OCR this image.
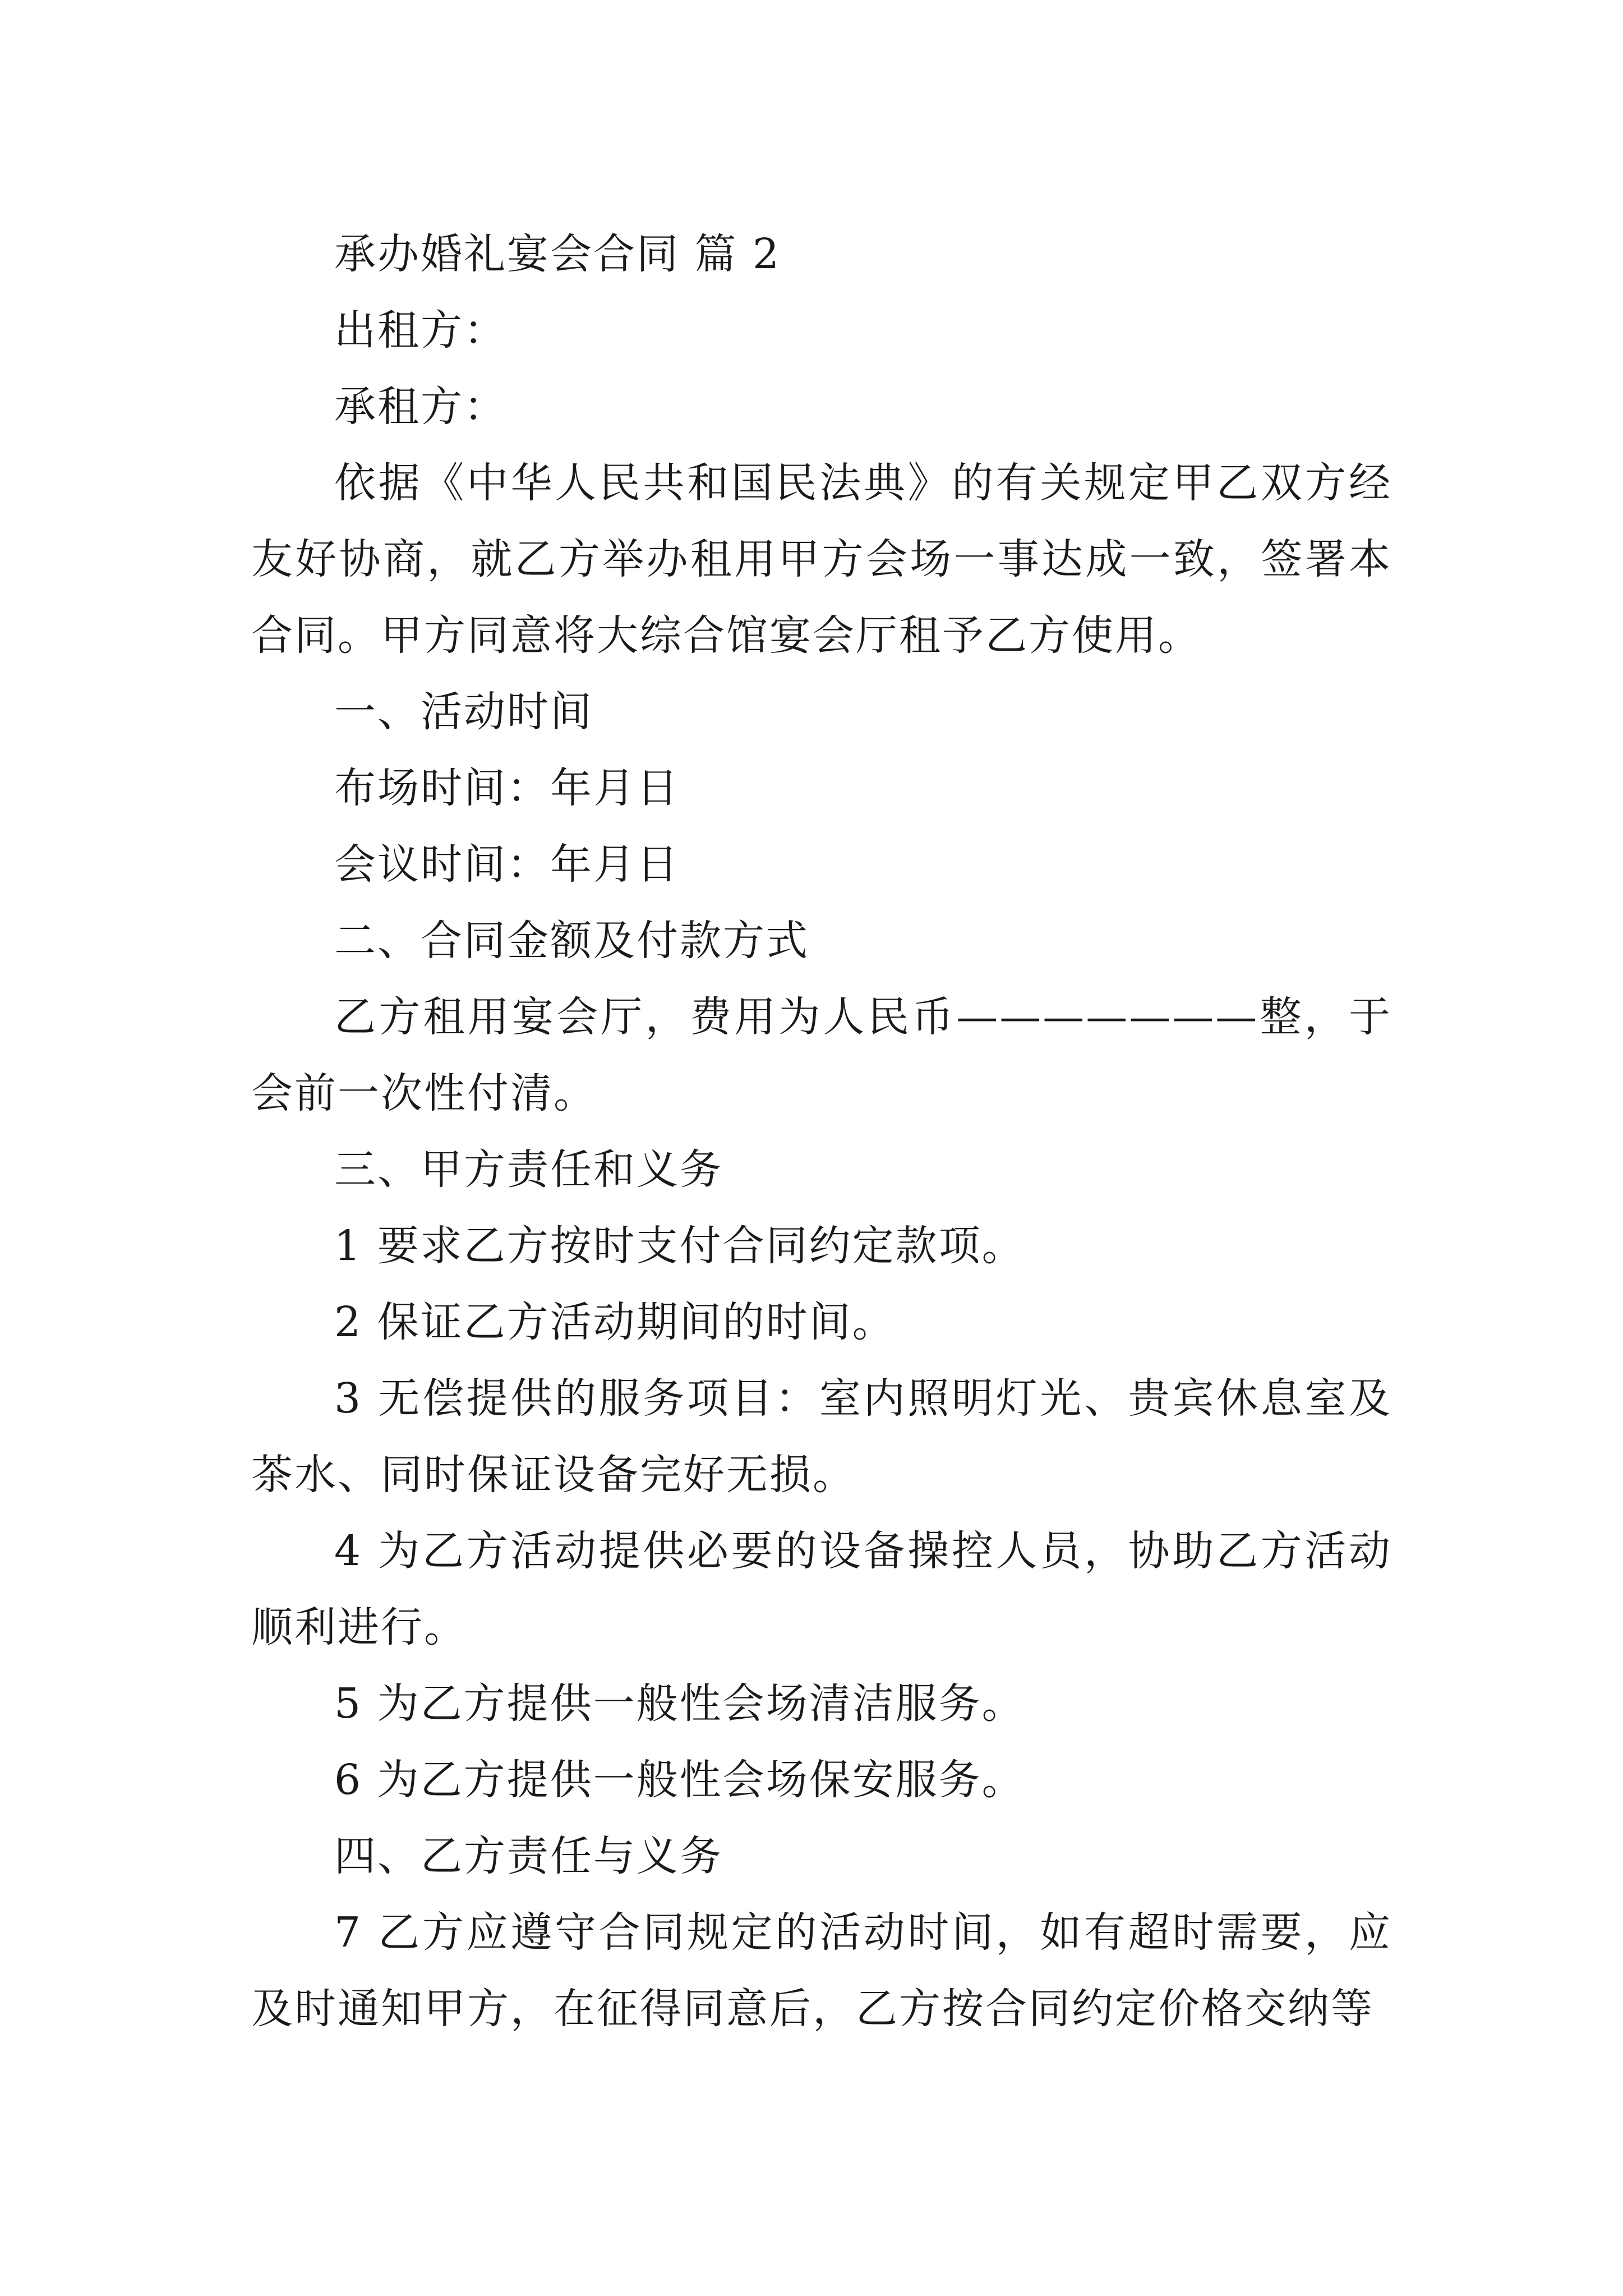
承办婚礼宴会合同 篇 2

出租方：

承租方：

依据《中华人民共和国民法典》的有关规定甲乙双方经友好协商，就乙方举办租用甲方会场一事达成一致，签署本合同。甲方同意将大综合馆宴会厅租予乙方使用。

一、活动时间

布场时间：年月日

会议时间：年月日

二、合同金额及付款方式

乙方租用宴会厅，费用为人民币———————整，于会前一次性付清。

三、甲方责任和义务

1 要求乙方按时支付合同约定款项。

2 保证乙方活动期间的时间。

3 无偿提供的服务项目：室内照明灯光、贵宾休息室及茶水、同时保证设备完好无损。

4 为乙方活动提供必要的设备操控人员，协助乙方活动顺利进行。

5 为乙方提供一般性会场清洁服务。

6 为乙方提供一般性会场保安服务。

四、乙方责任与义务

7 乙方应遵守合同规定的活动时间，如有超时需要，应及时通知甲方，在征得同意后，乙方按合同约定价格交纳等
